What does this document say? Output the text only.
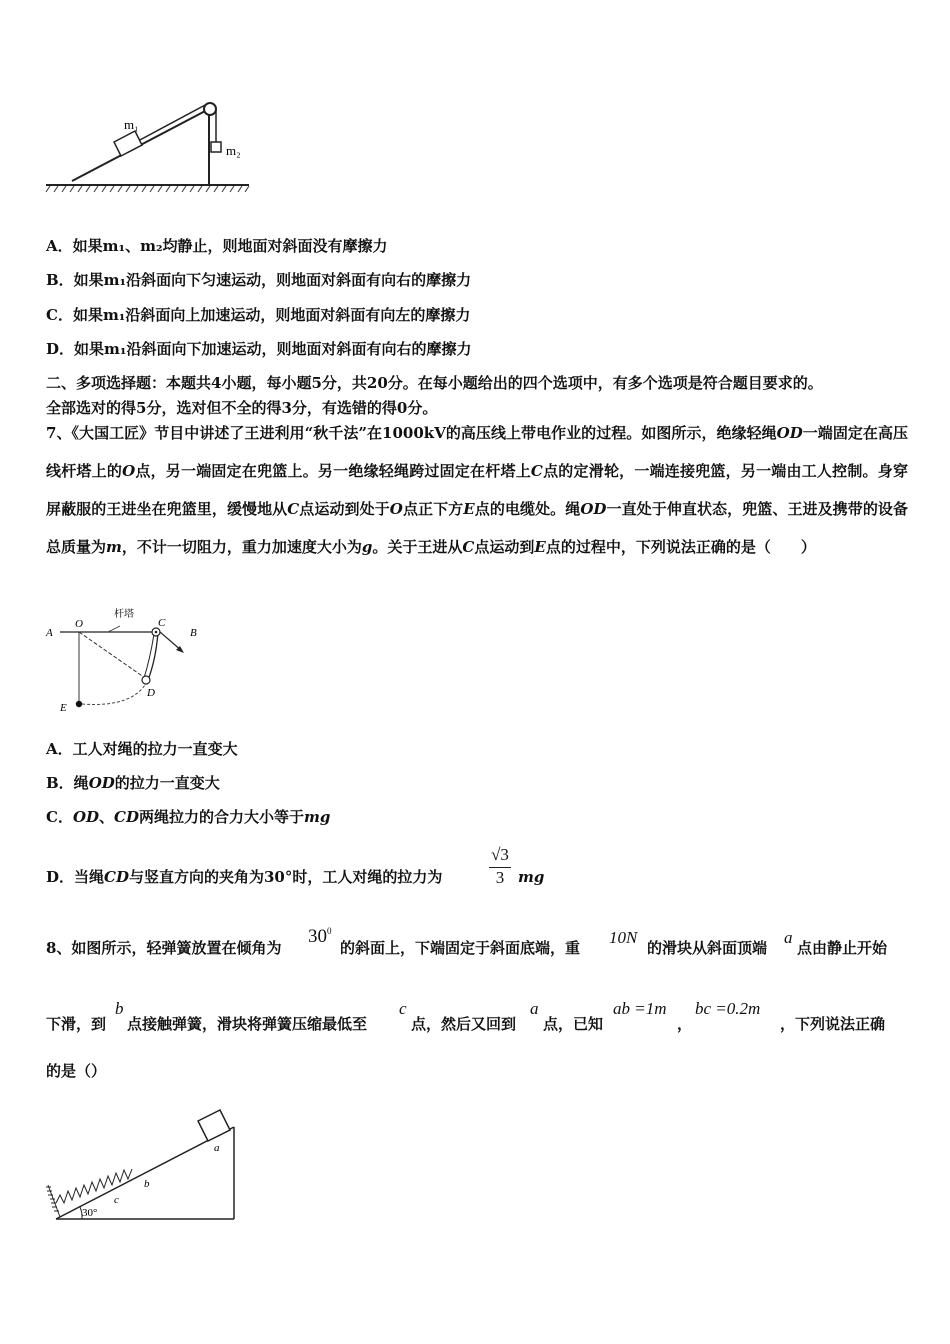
m₁
m₂
A．如果m₁、m₂均静止，则地面对斜面没有摩擦力
B．如果m₁沿斜面向下匀速运动，则地面对斜面有向右的摩擦力
C．如果m₁沿斜面向上加速运动，则地面对斜面有向左的摩擦力
D．如果m₁沿斜面向下加速运动，则地面对斜面有向右的摩擦力
二、多项选择题：本题共4小题，每小题5分，共20分。在每小题给出的四个选项中，有多个选项是符合题目要求的。
全部选对的得5分，选对但不全的得3分，有选错的得0分。
7、《大国工匠》节目中讲述了王进利用“秋千法”在1000kV的高压线上带电作业的过程。如图所示，绝缘轻绳OD一端固定在高压线杆塔上的O点，另一端固定在兜篮上。另一绝缘轻绳跨过固定在杆塔上C点的定滑轮，一端连接兜篮，另一端由工人控制。身穿屏蔽服的王进坐在兜篮里，缓慢地从C点运动到处于O点正下方E点的电缆处。绳OD一直处于伸直状态，兜篮、王进及携带的设备总质量为m，不计一切阻力，重力加速度大小为g。关于王进从C点运动到E点的过程中，下列说法正确的是（　　）
A
O
杆塔
C
B
D
E
A．工人对绳的拉力一直变大
B．绳OD的拉力一直变大
C．OD、CD两绳拉力的合力大小等于mg
D．当绳CD与竖直方向的夹角为30°时，工人对绳的拉力为
√3
3 mg
8、如图所示，轻弹簧放置在倾角为
$30^0$
的斜面上，下端固定于斜面底端，重
10N
的滑块从斜面顶端
a
点由静止开始
下滑，到
b
点接触弹簧，滑块将弹簧压缩最低至
c
点，然后又回到
a
点，已知
ab =1m
，
bc =0.2m
，下列说法正确
的是（）
a
b
c
30°
